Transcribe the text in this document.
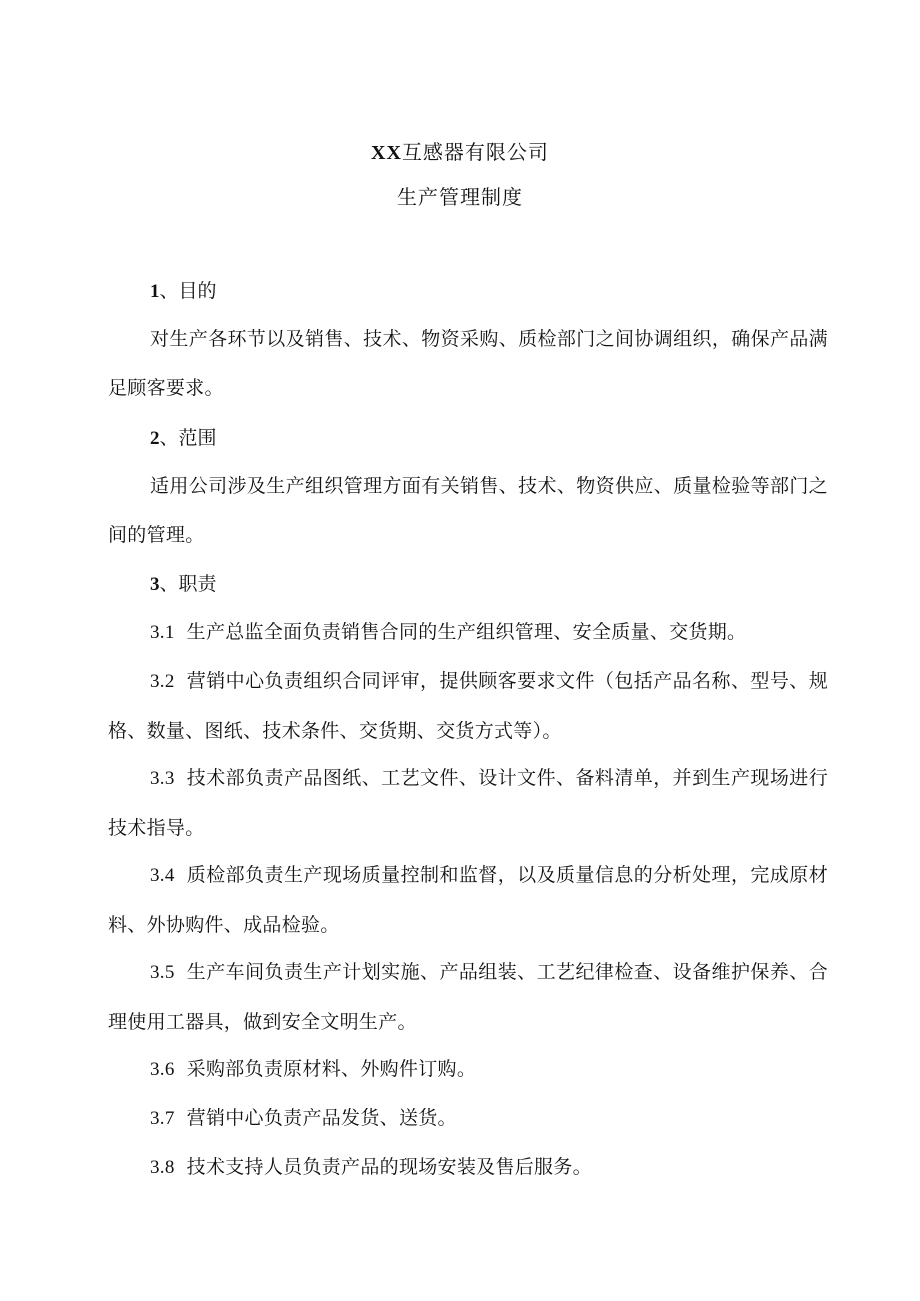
XX互感器有限公司
生产管理制度
1、目的
对生产各环节以及销售、技术、物资采购、质检部门之间协调组织，确保产品满足顾客要求。
2、范围
适用公司涉及生产组织管理方面有关销售、技术、物资供应、质量检验等部门之间的管理。
3、职责
3.1 生产总监全面负责销售合同的生产组织管理、安全质量、交货期。
3.2 营销中心负责组织合同评审，提供顾客要求文件（包括产品名称、型号、规格、数量、图纸、技术条件、交货期、交货方式等）。
3.3 技术部负责产品图纸、工艺文件、设计文件、备料清单，并到生产现场进行技术指导。
3.4 质检部负责生产现场质量控制和监督，以及质量信息的分析处理，完成原材料、外协购件、成品检验。
3.5 生产车间负责生产计划实施、产品组装、工艺纪律检查、设备维护保养、合理使用工器具，做到安全文明生产。
3.6 采购部负责原材料、外购件订购。
3.7 营销中心负责产品发货、送货。
3.8 技术支持人员负责产品的现场安装及售后服务。
